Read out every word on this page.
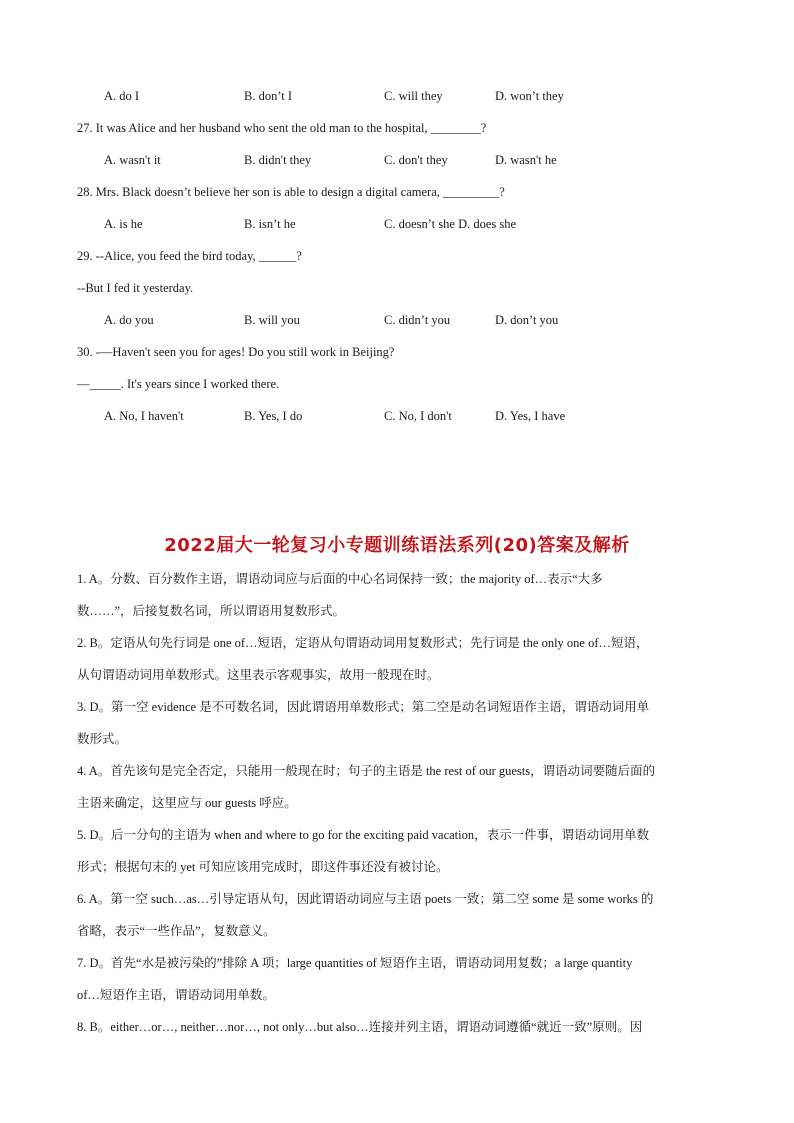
A. do I	B. don’t I	C. will they	D. won’t they
27. It was Alice and her husband who sent the old man to the hospital, ________?
A. wasn't it	B. didn't they	C. don't they	D. wasn't he
28. Mrs. Black doesn’t believe her son is able to design a digital camera, _________?
A. is he	B. isn’t he	C. doesn’t she D. does she
29. --Alice, you feed the bird today, ______?
--But I fed it yesterday.
A. do you	B. will you	C. didn’t you	D. don’t you
30. -—Haven't seen you for ages! Do you still work in Beijing?
—_____. It's years since I worked there.
A. No, I haven't	B. Yes, I do	C. No, I don't	D. Yes, I have
2022届大一轮复习小专题训练语法系列(20)答案及解析

1. A。分数、百分数作主语，谓语动词应与后面的中心名词保持一致；the majority of…表示“大多

数……”，后接复数名词，所以谓语用复数形式。

2. B。定语从句先行词是 one of…短语，定语从句谓语动词用复数形式；先行词是 the only one of…短语，

从句谓语动词用单数形式。这里表示客观事实，故用一般现在时。

3. D。第一空 evidence 是不可数名词，因此谓语用单数形式；第二空是动名词短语作主语，谓语动词用单

数形式。

4. A。首先该句是完全否定，只能用一般现在时；句子的主语是 the rest of our guests，谓语动词要随后面的

主语来确定，这里应与 our guests 呼应。

5. D。后一分句的主语为 when and where to go for the exciting paid vacation，表示一件事，谓语动词用单数

形式；根据句末的 yet 可知应该用完成时，即这件事还没有被讨论。

6. A。第一空 such…as…引导定语从句，因此谓语动词应与主语 poets 一致；第二空 some 是 some works 的

省略，表示“一些作品”，复数意义。

7. D。首先“水是被污染的”排除 A 项；large quantities of 短语作主语，谓语动词用复数；a large quantity

of…短语作主语，谓语动词用单数。

8. B。either…or…, neither…nor…, not only…but also…连接并列主语，谓语动词遵循“就近一致”原则。因
